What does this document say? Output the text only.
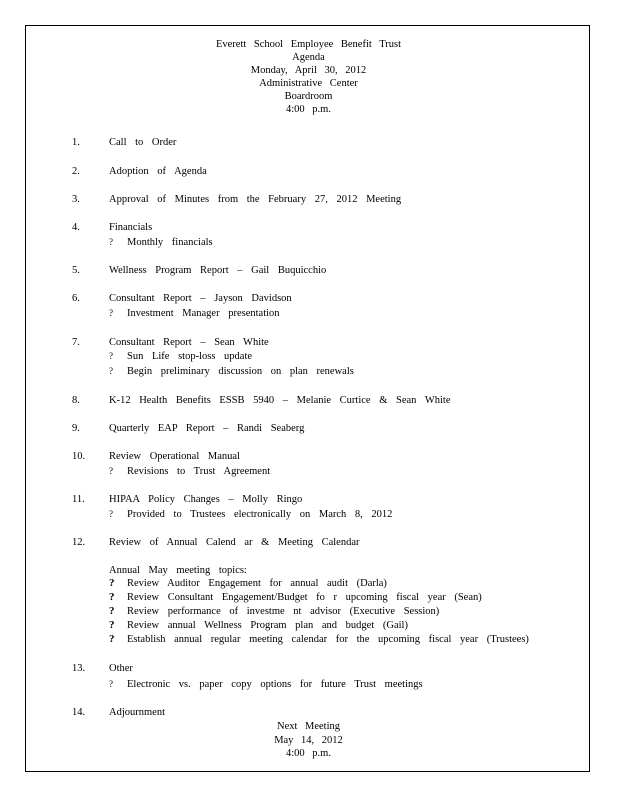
Everett School Employee Benefit Trust
Agenda
Monday, April 30, 2012
Administrative Center
Boardroom
4:00 p.m.
1.	Call to Order
2.	Adoption of Agenda
3.	Approval of Minutes from the February 27, 2012 Meeting
4.	Financials
? Monthly financials
5.	Wellness Program Report – Gail Buquicchio
6.	Consultant Report – Jayson Davidson
? Investment Manager presentation
7.	Consultant Report – Sean White
? Sun Life stop-loss update
? Begin preliminary discussion on plan renewals
8.	K-12 Health Benefits ESSB 5940 – Melanie Curtice & Sean White
9.	Quarterly EAP Report – Randi Seaberg
10. Review Operational Manual
? Revisions to Trust Agreement
11. HIPAA Policy Changes – Molly Ringo
? Provided to Trustees electronically on March 8, 2012
12. Review of Annual Calend ar & Meeting Calendar
Annual May meeting topics:
? Review Auditor Engagement for annual audit (Darla)
? Review Consultant Engagement/Budget fo r upcoming fiscal year (Sean)
? Review performance of investme nt advisor (Executive Session)
? Review annual Wellness Program plan and budget (Gail)
? Establish annual regular meeting calendar for the upcoming fiscal year (Trustees)
13. Other
? Electronic vs. paper copy options for future Trust meetings
14. Adjournment
Next Meeting
May 14, 2012
4:00 p.m.
